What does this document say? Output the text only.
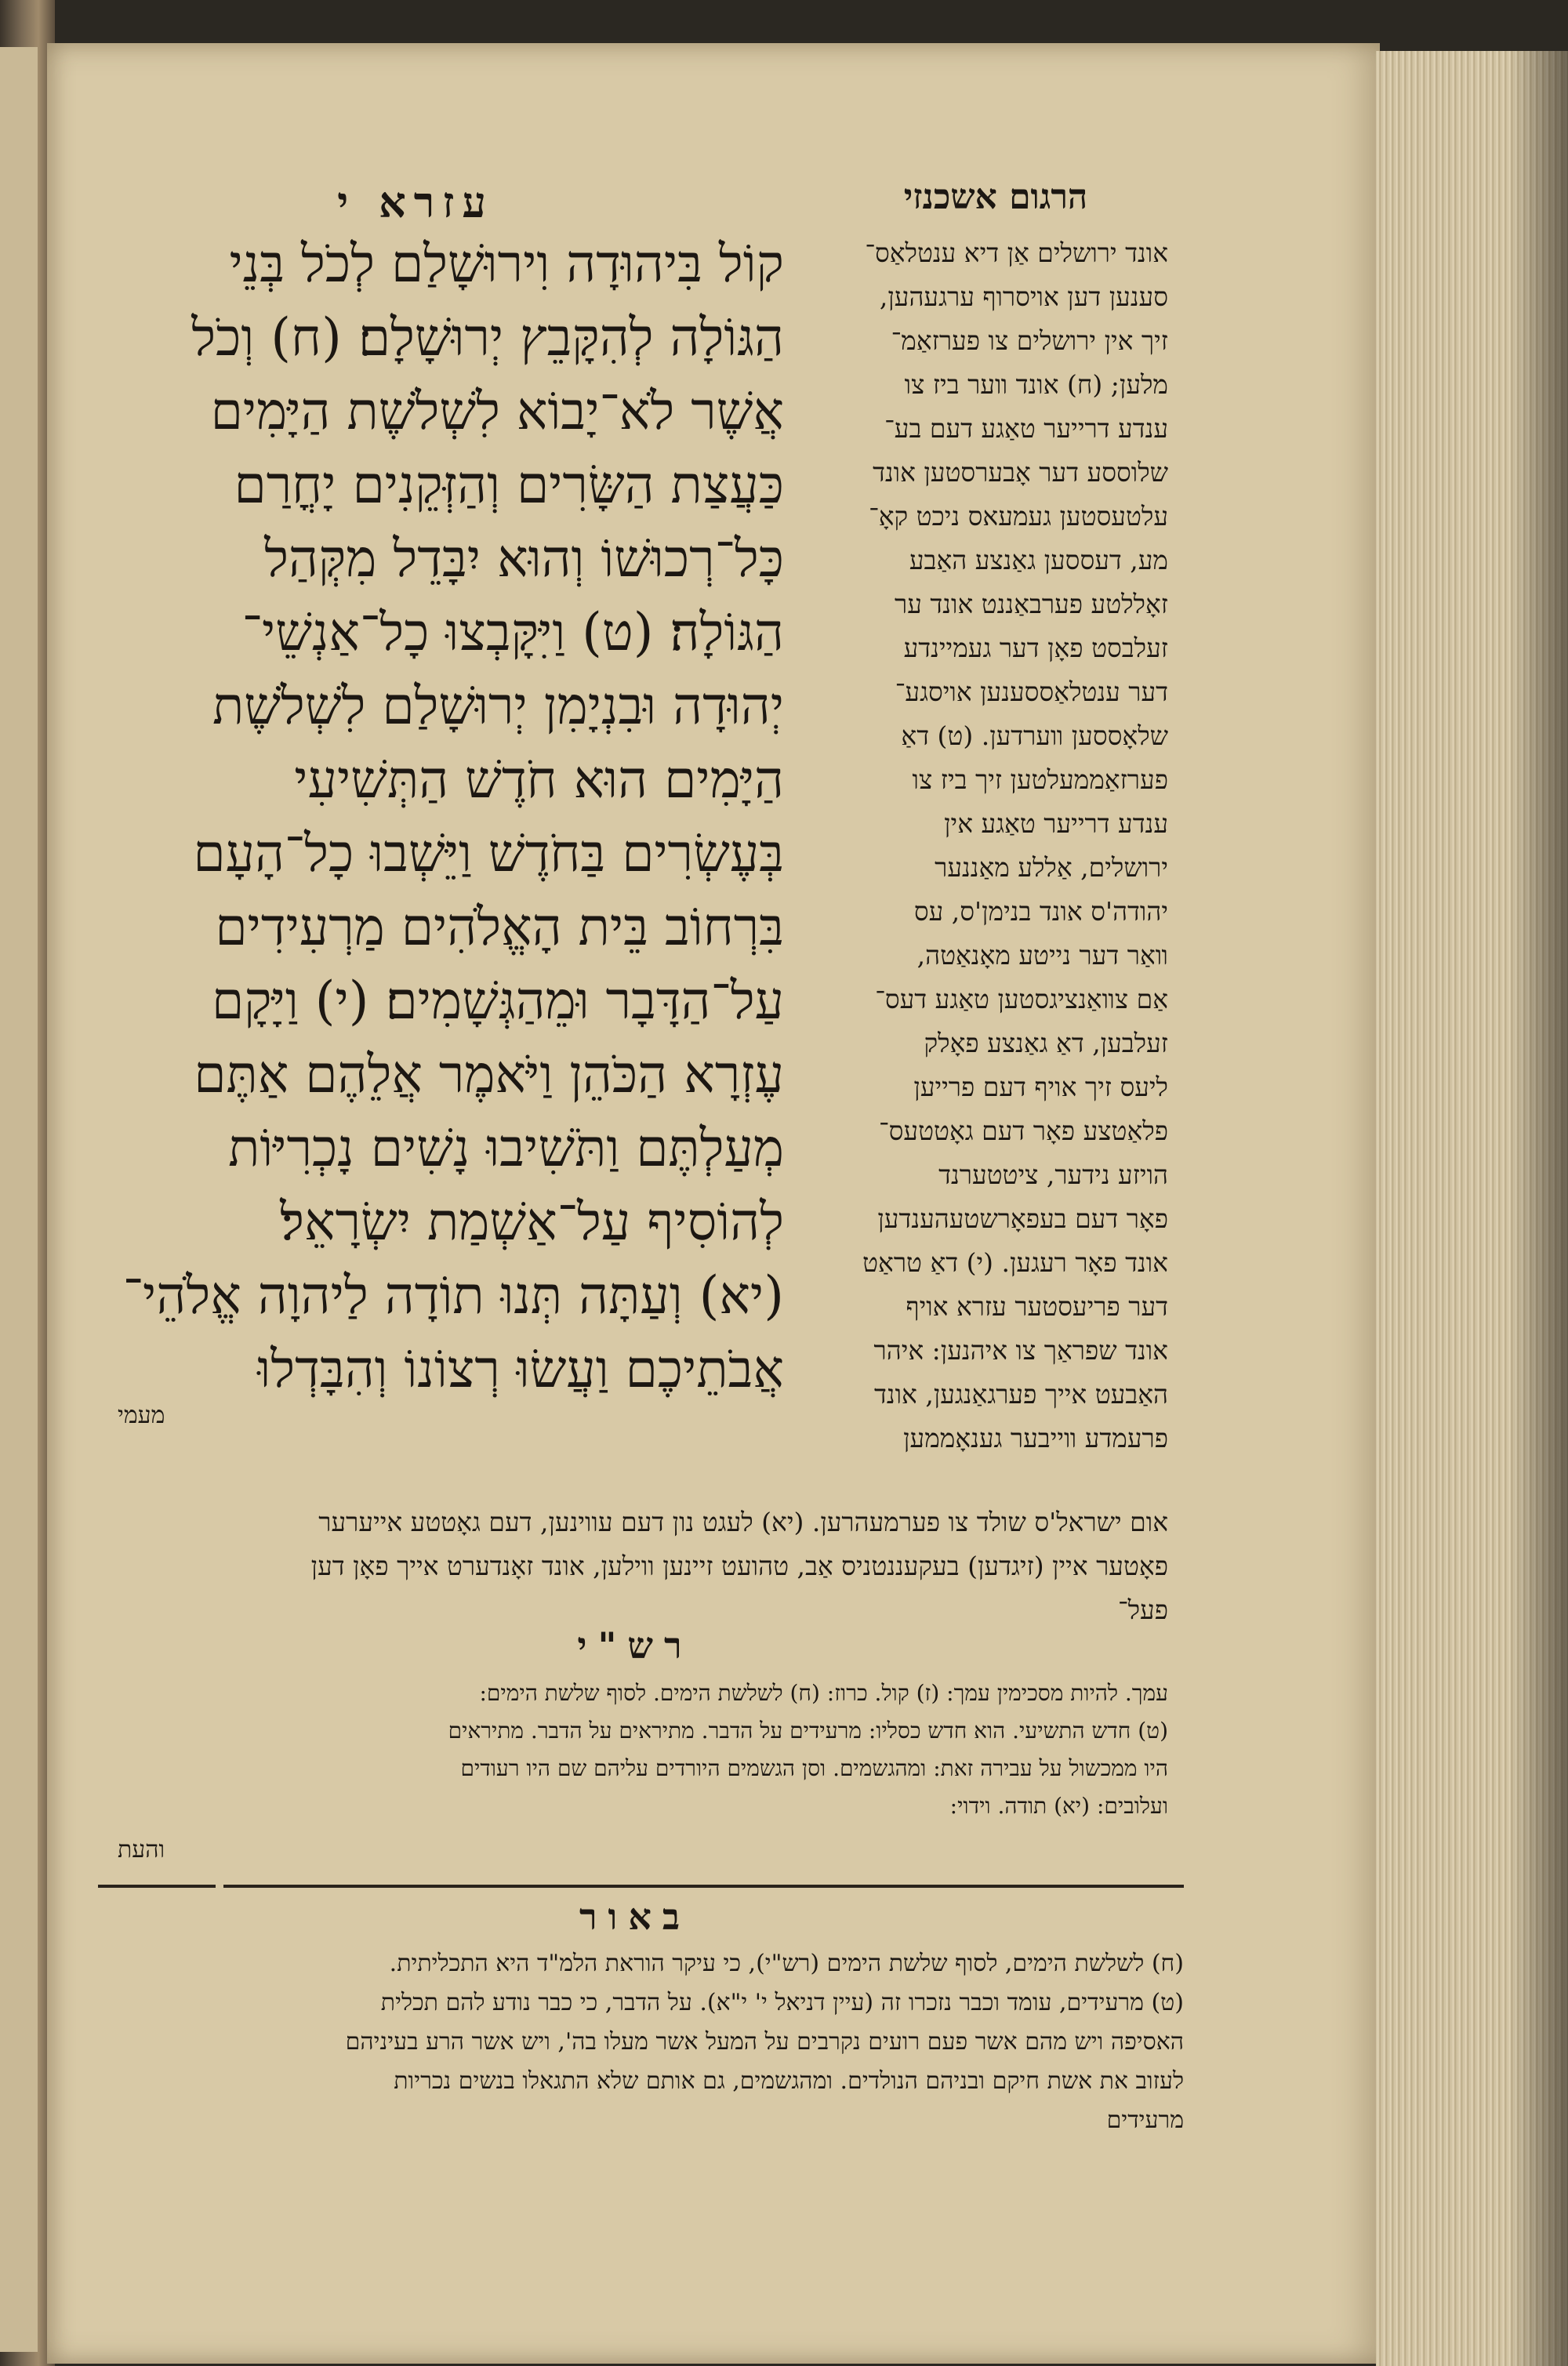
עזרא י	הרגום אשכנזי
קוֹל בִּיהוּדָה וִירוּשָׁלַם לְכֹל בְּנֵי
הַגּוֹלָה לְהִקָּבֵץ יְרוּשָׁלָם׃ (ח) וְכֹל
אֲשֶׁר לֹא־יָבוֹא לִשְׁלֹשֶׁת הַיָּמִים
כַּעֲצַת הַשָּׂרִים וְהַזְּקֵנִים יָחֳרַם
כָּל־רְכוּשׁוֹ וְהוּא יִבָּדֵל מִקְּהַל
הַגּוֹלָה׃ (ט) וַיִּקָּבְצוּ כָל־אַנְשֵׁי־
יְהוּדָה וּבִנְיָמִן יְרוּשָׁלַם לִשְׁלֹשֶׁת
הַיָּמִים הוּא חֹדֶשׁ הַתְּשִׁיעִי
בְּעֶשְׂרִים בַּחֹדֶשׁ וַיֵּשְׁבוּ כָל־הָעָם
בִּרְחוֹב בֵּית הָאֱלֹהִים מַרְעִידִים
עַל־הַדָּבָר וּמֵהַגְּשָׁמִים׃ (י) וַיָּקָם
עֶזְרָא הַכֹּהֵן וַיֹּאמֶר אֲלֵהֶם אַתֶּם
מְעַלְתֶּם וַתֹּשִׁיבוּ נָשִׁים נָכְרִיּוֹת
לְהוֹסִיף עַל־אַשְׁמַת יִשְׂרָאֵל׃
(יא) וְעַתָּה תְּנוּ תוֹדָה לַיהוָה אֱלֹהֵי־
אֲבֹתֵיכֶם וַעֲשׂוּ רְצוֹנוֹ וְהִבָּדְלוּ
מעמי
אונד ירושלים אַן דיא ענטלאַס־
סענען דען אויסרוף ערגעהען,
זיך אין ירושלים צו פערזאַמ־
מלען; (ח) אונד װער ביז צו
ענדע דרייער טאַגע דעם בע־
שלוססע דער אָבערסטען אונד
עלטעסטען געמעאס ניכט קאָ־
מע, דעססען גאַנצע האַבע
זאָללטע פערבאַננט אונד ער
זעלבסט פאָן דער געמיינדע
דער ענטלאַססענען אויסגע־
שלאָססען װערדען. (ט) דאַ
פערזאַממעלטען זיך ביז צו
ענדע דרייער טאַגע אין
ירושלים, אַללע מאַננער
יהודה'ס אונד בנימן'ס, עס
װאַר דער נייטע מאָנאַטה,
אַם צװאַנציגסטען טאַגע דעס־
זעלבען, דאַ גאַנצע פאָלק
ליעס זיך אויף דעם פרייען
פלאַטצע פאָר דעם גאָטטעס־
הויזע נידער, ציטטערנד
פאָר דעם בעפאָרשטעהענדען
אונד פאָר רעגען. (י) דאַ טראַט
דער פריעסטער עזרא אויף
אונד שפראַך צו איהנען: איהר
האַבעט אייך פערגאַנגען, אונד
פרעמדע װייבער גענאָממען
אום ישראל'ס שולד צו פערמעהרען. (יא) לעגט נון דעם עווינען, דעם גאָטטע אייערער
פאָטער איין (זיגדען) בעקעננטניס אַב, טהועט זיינען ווילען, אונד זאָנדערט אייך פאָן דען
פעל־
רש"י
עמך. להיות מסכימין עמך: (ז) קול. כרוז: (ח) לשלשת הימים. לסוף שלשת הימים:
(ט) חדש התשיעי. הוא חדש כסליו: מרעידים על הדבר. מתיראים על הדבר. מתיראים
היו ממכשול על עבירה זאת: ומהגשמים. וסן הגשמים היורדים עליהם שם היו רעודים
ועלובים: (יא) תודה. וידוי:
והעת
באור
(ח) לשלשת הימים, לסוף שלשת הימים (רש"י), כי עיקר הוראת הלמ"ד היא התכליתית.
(ט) מרעידים, עומד וכבר נזכרו זה (עיין דניאל י' י"א). על הדבר, כי כבר נודע להם תכלית
האסיפה ויש מהם אשר פעם רועים נקרבים על המעל אשר מעלו בה', ויש אשר הרע בעיניהם
לעזוב את אשת חיקם ובניהם הנולדים. ומהגשמים, גם אותם שלא התגאלו בנשים נכריות
מרעידים
